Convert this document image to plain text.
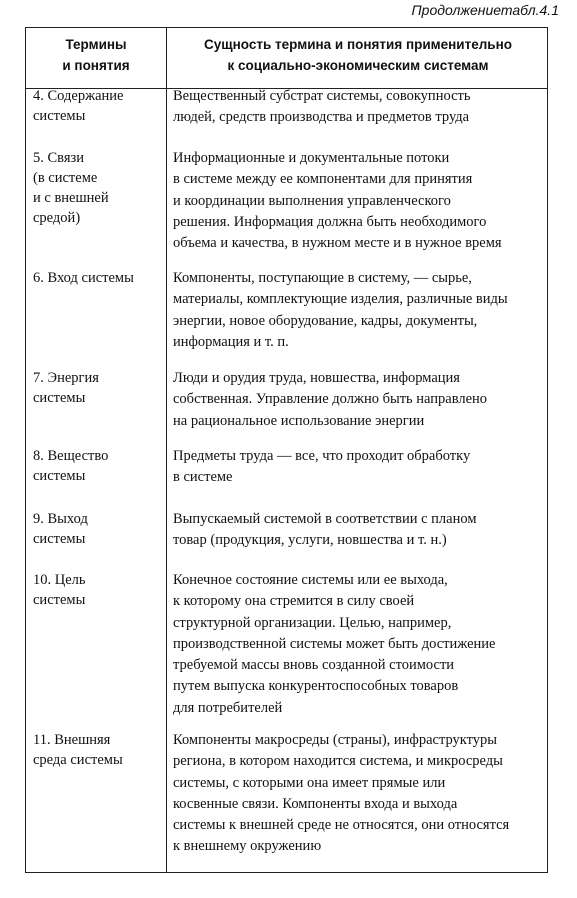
Продолжениетабл.4.1
Термины
и понятия
Сущность термина и понятия применительно
к социально-экономическим системам
4. Содержание
системы
Вещественный субстрат системы, совокупность
людей, средств производства и предметов труда
5. Связи
(в системе
и с внешней
средой)
Информационные и документальные потоки
в системе между ее компонентами для принятия
и координации выполнения управленческого
решения. Информация должна быть необходимого
объема и качества, в нужном месте и в нужное время
6. Вход системы	Компоненты, поступающие в систему, — сырье,
материалы, комплектующие изделия, различные виды
энергии, новое оборудование, кадры, документы,
информация и т. п.
7. Энергия
системы
Люди и орудия труда, новшества, информация
собственная. Управление должно быть направлено
на рациональное использование энергии
8. Вещество
системы
Предметы труда — все, что проходит обработку
в системе
9. Выход
системы
Выпускаемый системой в соответствии с планом
товар (продукция, услуги, новшества и т. н.)
10. Цель
системы
Конечное состояние системы или ее выхода,
к которому она стремится в силу своей
структурной организации. Целью, например,
производственной системы может быть достижение
требуемой массы вновь созданной стоимости
путем выпуска конкурентоспособных товаров
для потребителей
11. Внешняя
среда системы
Компоненты макросреды (страны), инфраструктуры
региона, в котором находится система, и микросреды
системы, с которыми она имеет прямые или
косвенные связи. Компоненты входа и выхода
системы к внешней среде не относятся, они относятся
к внешнему окружению
